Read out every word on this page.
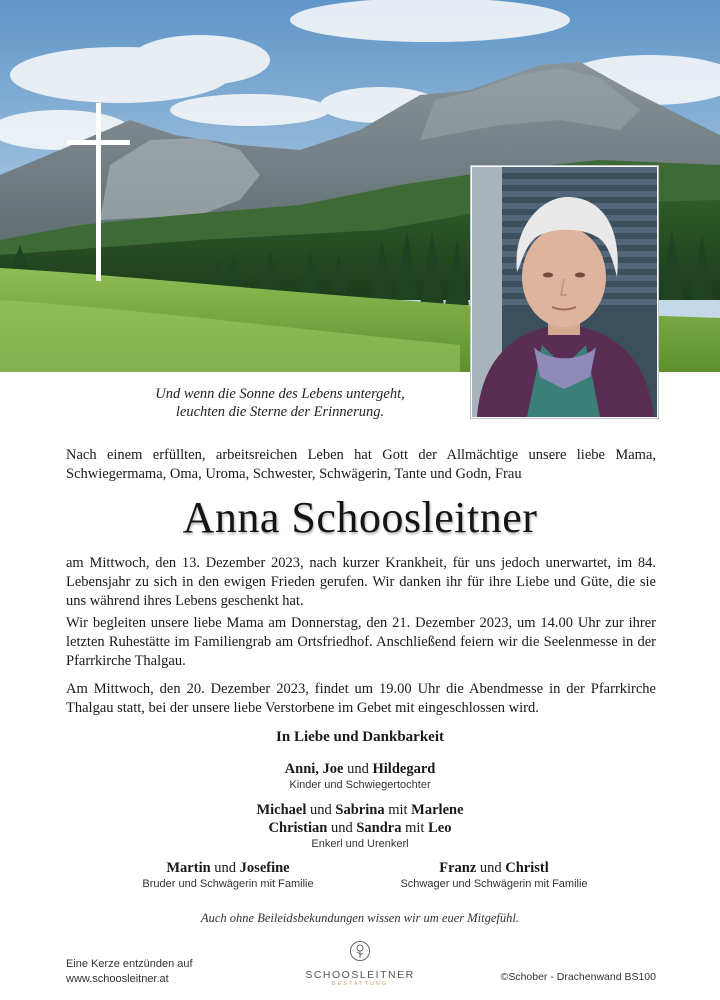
Und wenn die Sonne des Lebens untergeht,
leuchten die Sterne der Erinnerung.
Nach einem erfüllten, arbeitsreichen Leben hat Gott der Allmächtige unsere liebe Mama, Schwiegermama, Oma, Uroma, Schwester, Schwägerin, Tante und Godn, Frau
Anna Schoosleitner
am Mittwoch, den 13. Dezember 2023, nach kurzer Krankheit, für uns jedoch unerwartet, im 84. Lebensjahr zu sich in den ewigen Frieden gerufen. Wir danken ihr für ihre Liebe und Güte, die sie uns während ihres Lebens geschenkt hat.
Wir begleiten unsere liebe Mama am Donnerstag, den 21. Dezember 2023, um 14.00 Uhr zur ihrer letzten Ruhestätte im Familiengrab am Ortsfriedhof. Anschließend feiern wir die Seelenmesse in der Pfarrkirche Thalgau.
Am Mittwoch, den 20. Dezember 2023, findet um 19.00 Uhr die Abendmesse in der Pfarrkirche Thalgau statt, bei der unsere liebe Verstorbene im Gebet mit eingeschlossen wird.
In Liebe und Dankbarkeit
Anni, Joe und Hildegard
Kinder und Schwiegertochter
Michael und Sabrina mit Marlene
Christian und Sandra mit Leo
Enkerl und Urenkerl
Martin und Josefine
Bruder und Schwägerin mit Familie
Franz und Christl
Schwager und Schwägerin mit Familie
Auch ohne Beileidsbekundungen wissen wir um euer Mitgefühl.
Eine Kerze entzünden auf
www.schoosleitner.at	SCHOOSLEITNER
BESTATTUNG
©Schober - Drachenwand BS100
